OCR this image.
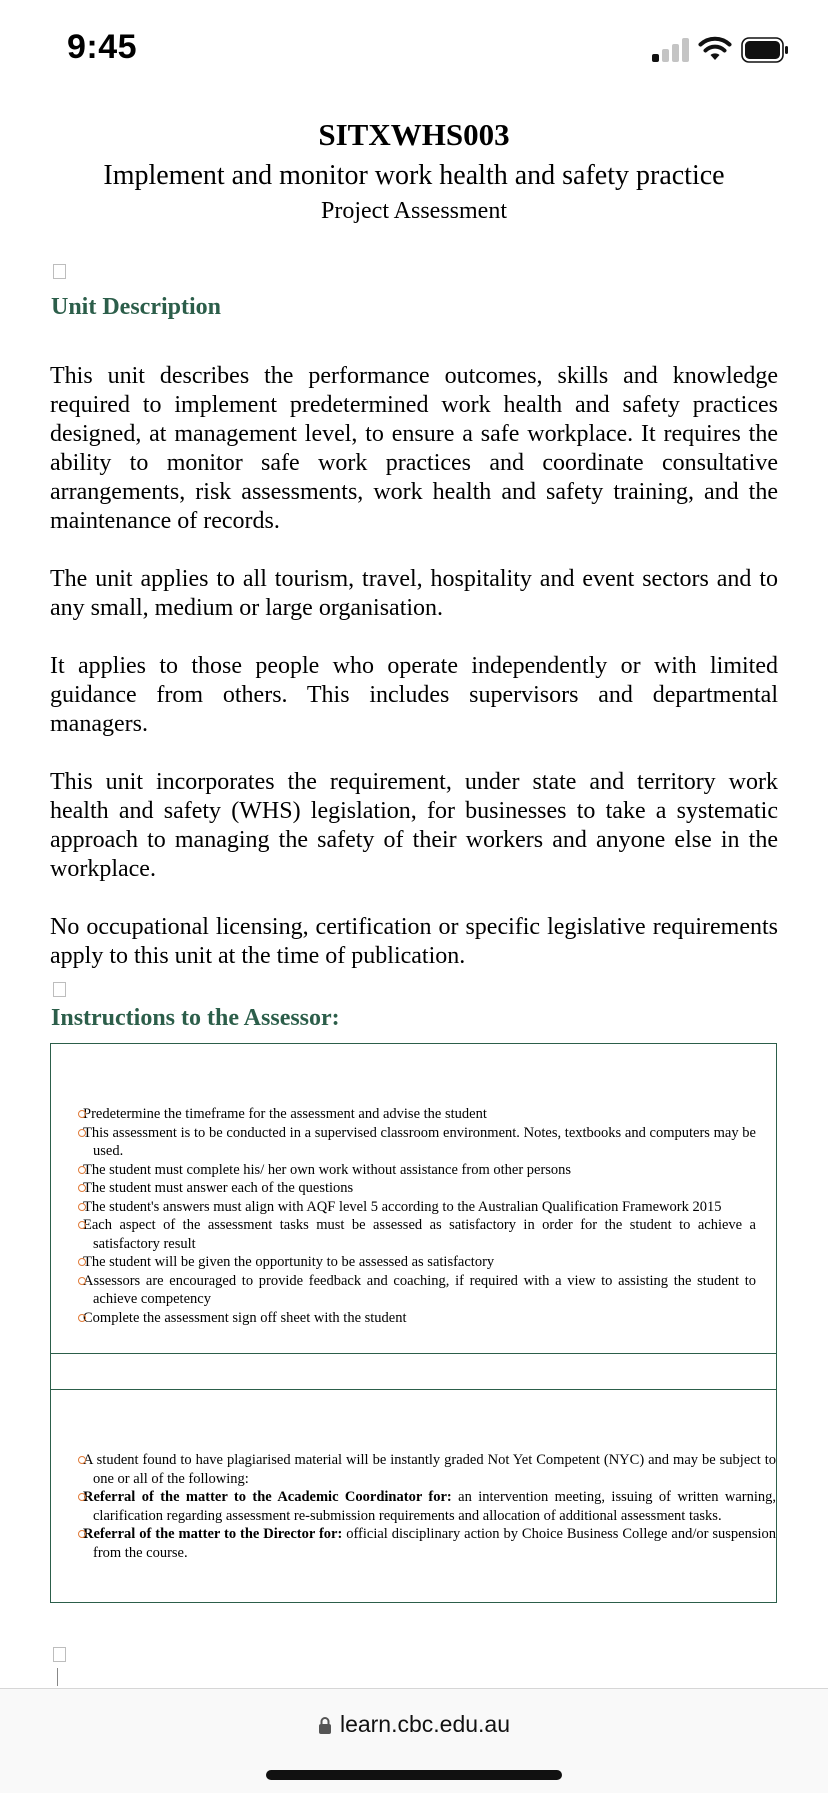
9:45
SITXWHS003
Implement and monitor work health and safety practice
Project Assessment
Unit Description

This unit describes the performance outcomes, skills and knowledge required to implement predetermined work health and safety practices designed, at management level, to ensure a safe workplace. It requires the ability to monitor safe work practices and coordinate consultative arrangements, risk assessments, work health and safety training, and the maintenance of records.

The unit applies to all tourism, travel, hospitality and event sectors and to any small, medium or large organisation.

It applies to those people who operate independently or with limited guidance from others. This includes supervisors and departmental managers.

This unit incorporates the requirement, under state and territory work health and safety (WHS) legislation, for businesses to take a systematic approach to managing the safety of their workers and anyone else in the workplace.

No occupational licensing, certification or specific legislative requirements apply to this unit at the time of publication.

Instructions to the Assessor:
Predetermine the timeframe for the assessment and advise the student
This assessment is to be conducted in a supervised classroom environment. Notes, textbooks and computers may be used.
The student must complete his/ her own work without assistance from other persons
The student must answer each of the questions
The student's answers must align with AQF level 5 according to the Australian Qualification Framework 2015
Each aspect of the assessment tasks must be assessed as satisfactory in order for the student to achieve a satisfactory result
The student will be given the opportunity to be assessed as satisfactory
Assessors are encouraged to provide feedback and coaching, if required with a view to assisting the student to achieve competency
Complete the assessment sign off sheet with the student
A student found to have plagiarised material will be instantly graded Not Yet Competent (NYC) and may be subject to one or all of the following:
Referral of the matter to the Academic Coordinator for: an intervention meeting, issuing of written warning, clarification regarding assessment re-submission requirements and allocation of additional assessment tasks.
Referral of the matter to the Director for: official disciplinary action by Choice Business College and/or suspension from the course.
learn.cbc.edu.au
